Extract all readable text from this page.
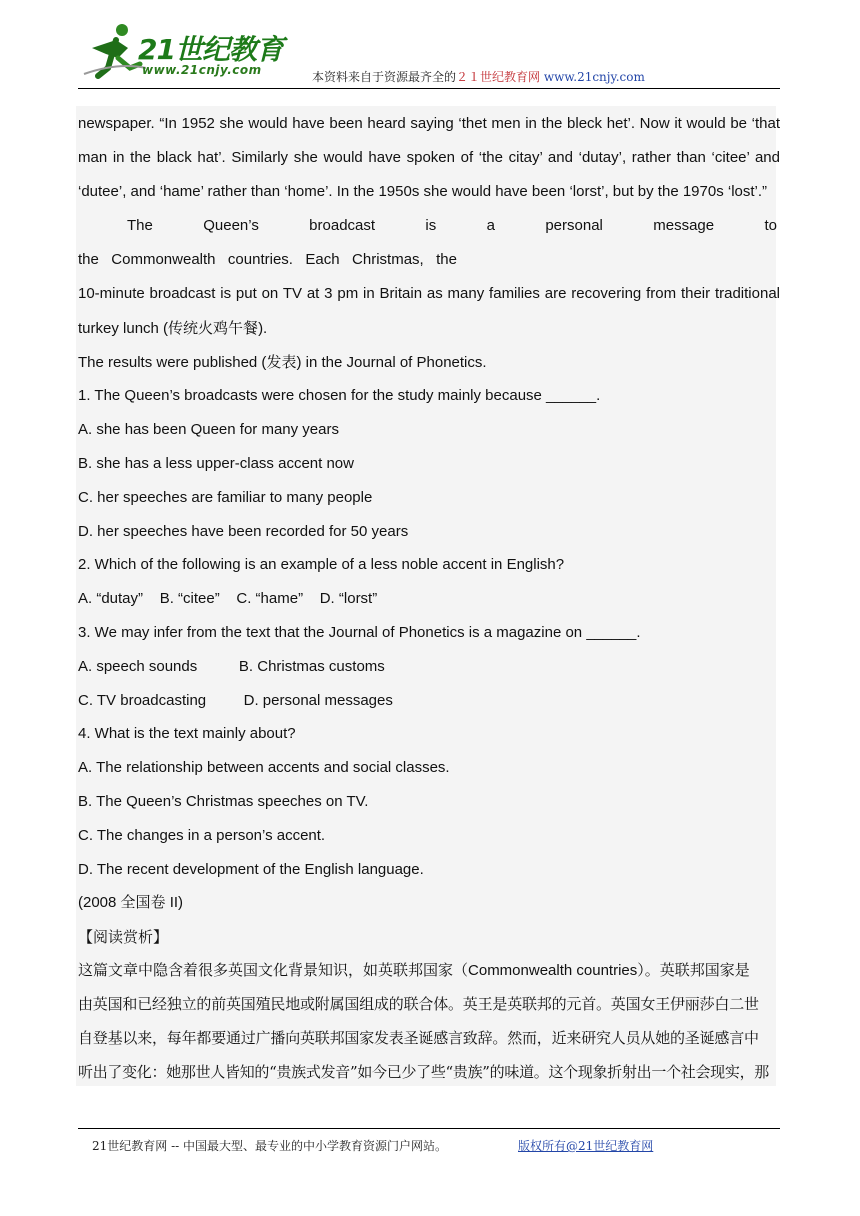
21世纪教育
www.21cnjy.com	本资料来自于资源最齐全的２１世纪教育网 www.21cnjy.com
newspaper. “In 1952 she would have been heard saying ‘thet men in the bleck het’. Now it would be ‘that
man in the black hat’. Similarly she would have spoken of ‘the citay’ and ‘dutay’, rather than ‘citee’ and
‘dutee’, and ‘hame’ rather than ‘home’. In the 1950s she would have been ‘lorst’, but by the 1970s ‘lost’.”
The Queen’s broadcast is a personal message to
the Commonwealth countries. Each Christmas, the
10-minute broadcast is put on TV at 3 pm in Britain as many families are recovering from their traditional
turkey lunch (传统火鸡午餐).
The results were published (发表) in the Journal of Phonetics.
1. The Queen’s broadcasts were chosen for the study mainly because ______.
A. she has been Queen for many years
B. she has a less upper-class accent now
C. her speeches are familiar to many people
D. her speeches have been recorded for 50 years
2. Which of the following is an example of a less noble accent in English?
A. “dutay”    B. “citee”    C. “hame”    D. “lorst”
3. We may infer from the text that the Journal of Phonetics is a magazine on ______.
A. speech sounds          B. Christmas customs
C. TV broadcasting         D. personal messages
4. What is the text mainly about?
A. The relationship between accents and social classes.
B. The Queen’s Christmas speeches on TV.
C. The changes in a person’s accent.
D. The recent development of the English language.
(2008 全国卷 II)
【阅读赏析】
这篇文章中隐含着很多英国文化背景知识，如英联邦国家（Commonwealth countries）。英联邦国家是
由英国和已经独立的前英国殖民地或附属国组成的联合体。英王是英联邦的元首。英国女王伊丽莎白二世
自登基以来，每年都要通过广播向英联邦国家发表圣诞感言致辞。然而，近来研究人员从她的圣诞感言中
听出了变化：她那世人皆知的“贵族式发音”如今已少了些“贵族”的味道。这个现象折射出一个社会现实，那
21世纪教育网 -- 中国最大型、最专业的中小学教育资源门户网站。	版权所有@21世纪教育网
